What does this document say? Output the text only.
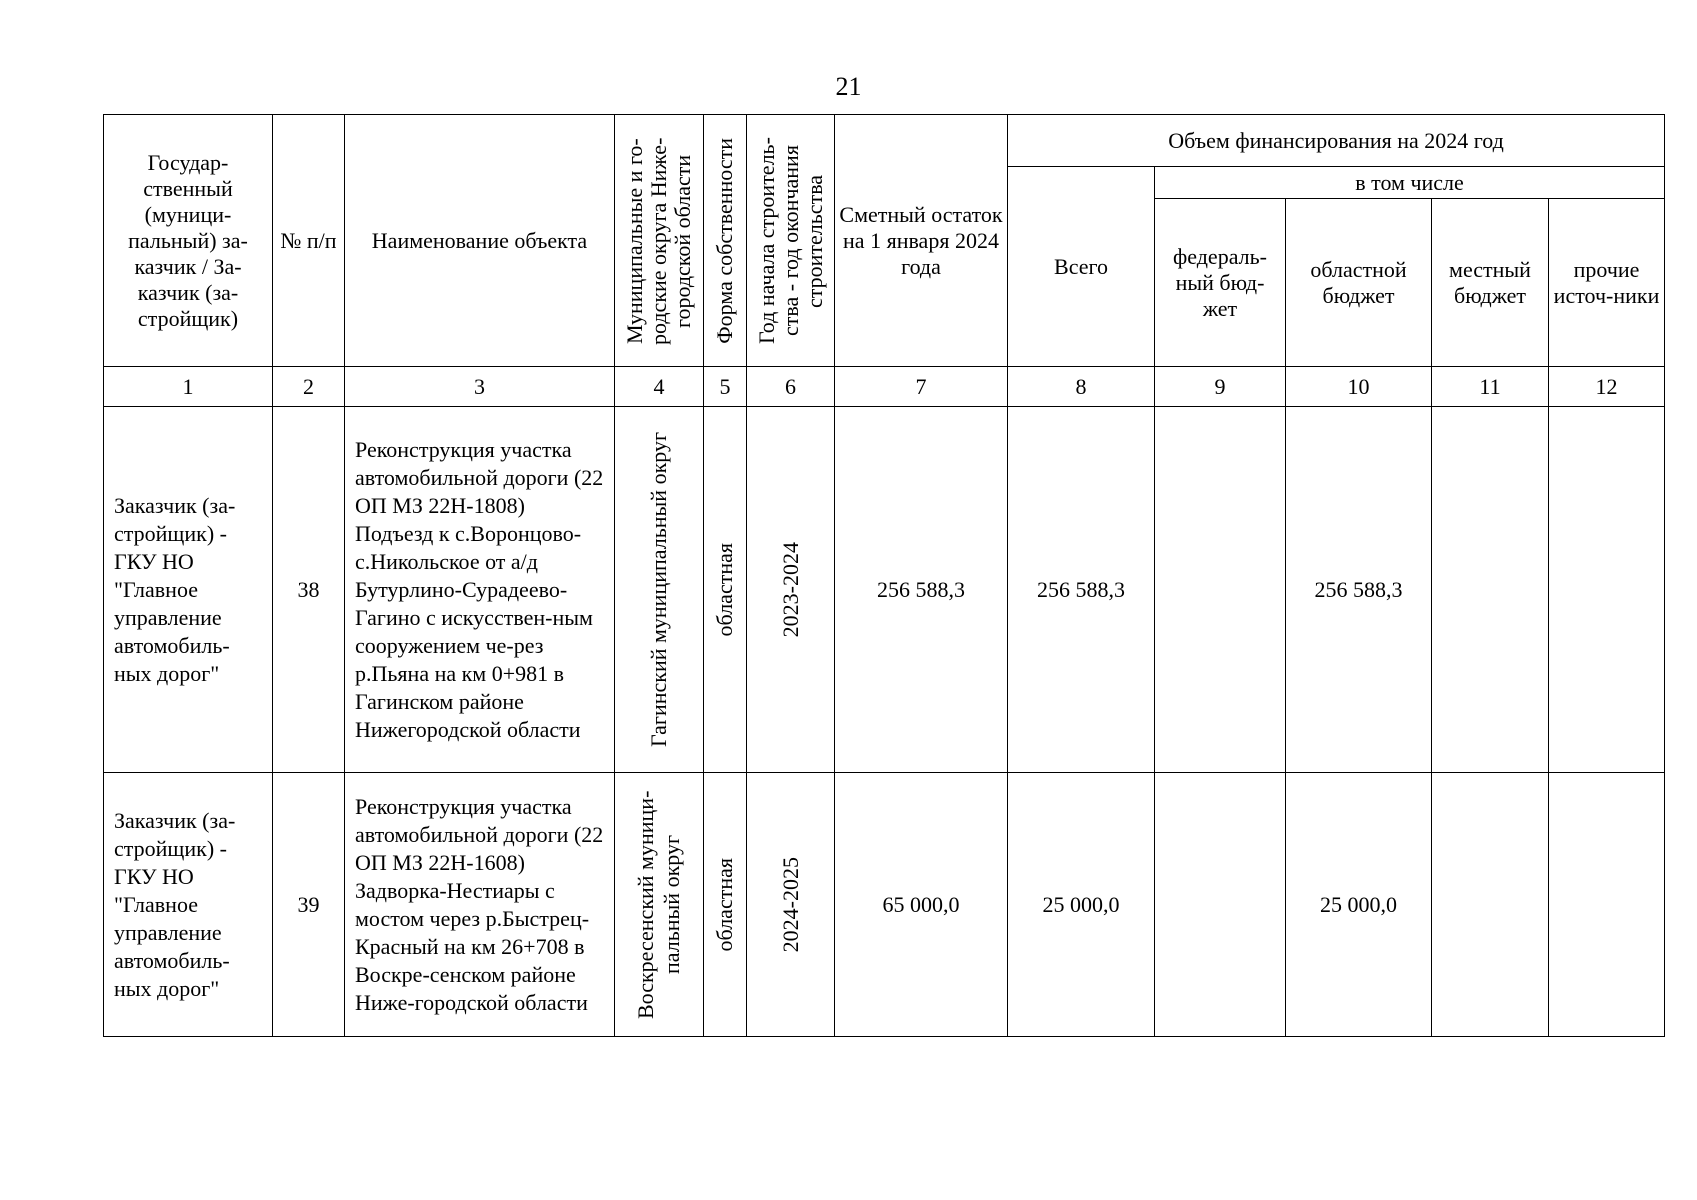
21
Государ-ственный (муници-пальный) за-казчик / За-казчик (за-стройщик)	№ п/п	Наименование объекта	Муниципальные и го-родские округа Ниже-городской области	Форма собственности	Год начала строитель-ства - год окончания строительства	Сметный остаток на 1 января 2024 года	Объем финансирования на 2024 год				
							Всего	в том числе			
								федераль-ный бюд-жет	областной бюджет	местный бюджет	прочие источ-ники
1	2	3	4	5	6	7	8	9	10	11	12
Заказчик (за-стройщик) - ГКУ НО "Главное управление автомобиль-ных дорог"	38	Реконструкция участка автомобильной дороги (22 ОП МЗ 22Н-1808) Подъезд к с.Воронцово-с.Никольское от а/д Бутурлино-Сурадеево-Гагино с искусствен-ным сооружением че-рез р.Пьяна на км 0+981 в Гагинском районе Нижегородской области	Гагинский муниципальный округ	областная	2023-2024	256 588,3	256 588,3		256 588,3		
Заказчик (за-стройщик) - ГКУ НО "Главное управление автомобиль-ных дорог"	39	Реконструкция участка автомобильной дороги (22 ОП МЗ 22Н-1608) Задворка-Нестиары с мостом через р.Быстрец-Красный на км 26+708 в Воскре-сенском районе Ниже-городской области	Воскресенский муници-пальный округ	областная	2024-2025	65 000,0	25 000,0		25 000,0		
